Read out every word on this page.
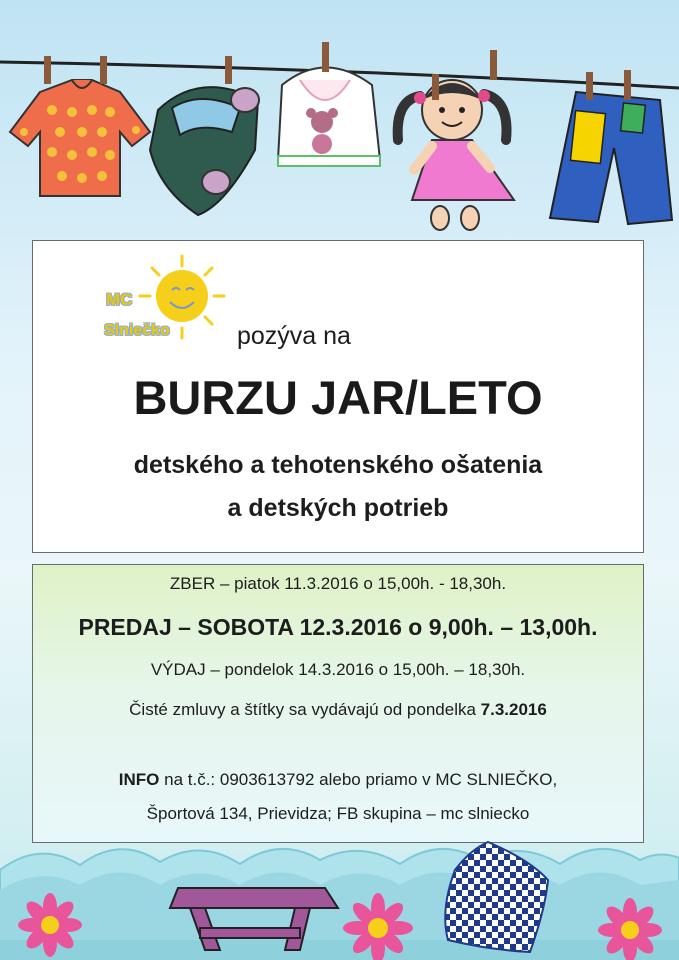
MC
Slniečko	pozýva na
BURZU JAR/LETO
detského a tehotenského ošatenia
a detských potrieb
ZBER – piatok 11.3.2016 o 15,00h. - 18,30h.
PREDAJ – SOBOTA 12.3.2016 o 9,00h. – 13,00h.
VÝDAJ – pondelok 14.3.2016 o 15,00h. – 18,30h.
Čisté zmluvy a štítky sa vydávajú od pondelka 7.3.2016
INFO na t.č.: 0903613792 alebo priamo v MC SLNIEČKO,
Športová 134, Prievidza; FB skupina – mc slniecko
